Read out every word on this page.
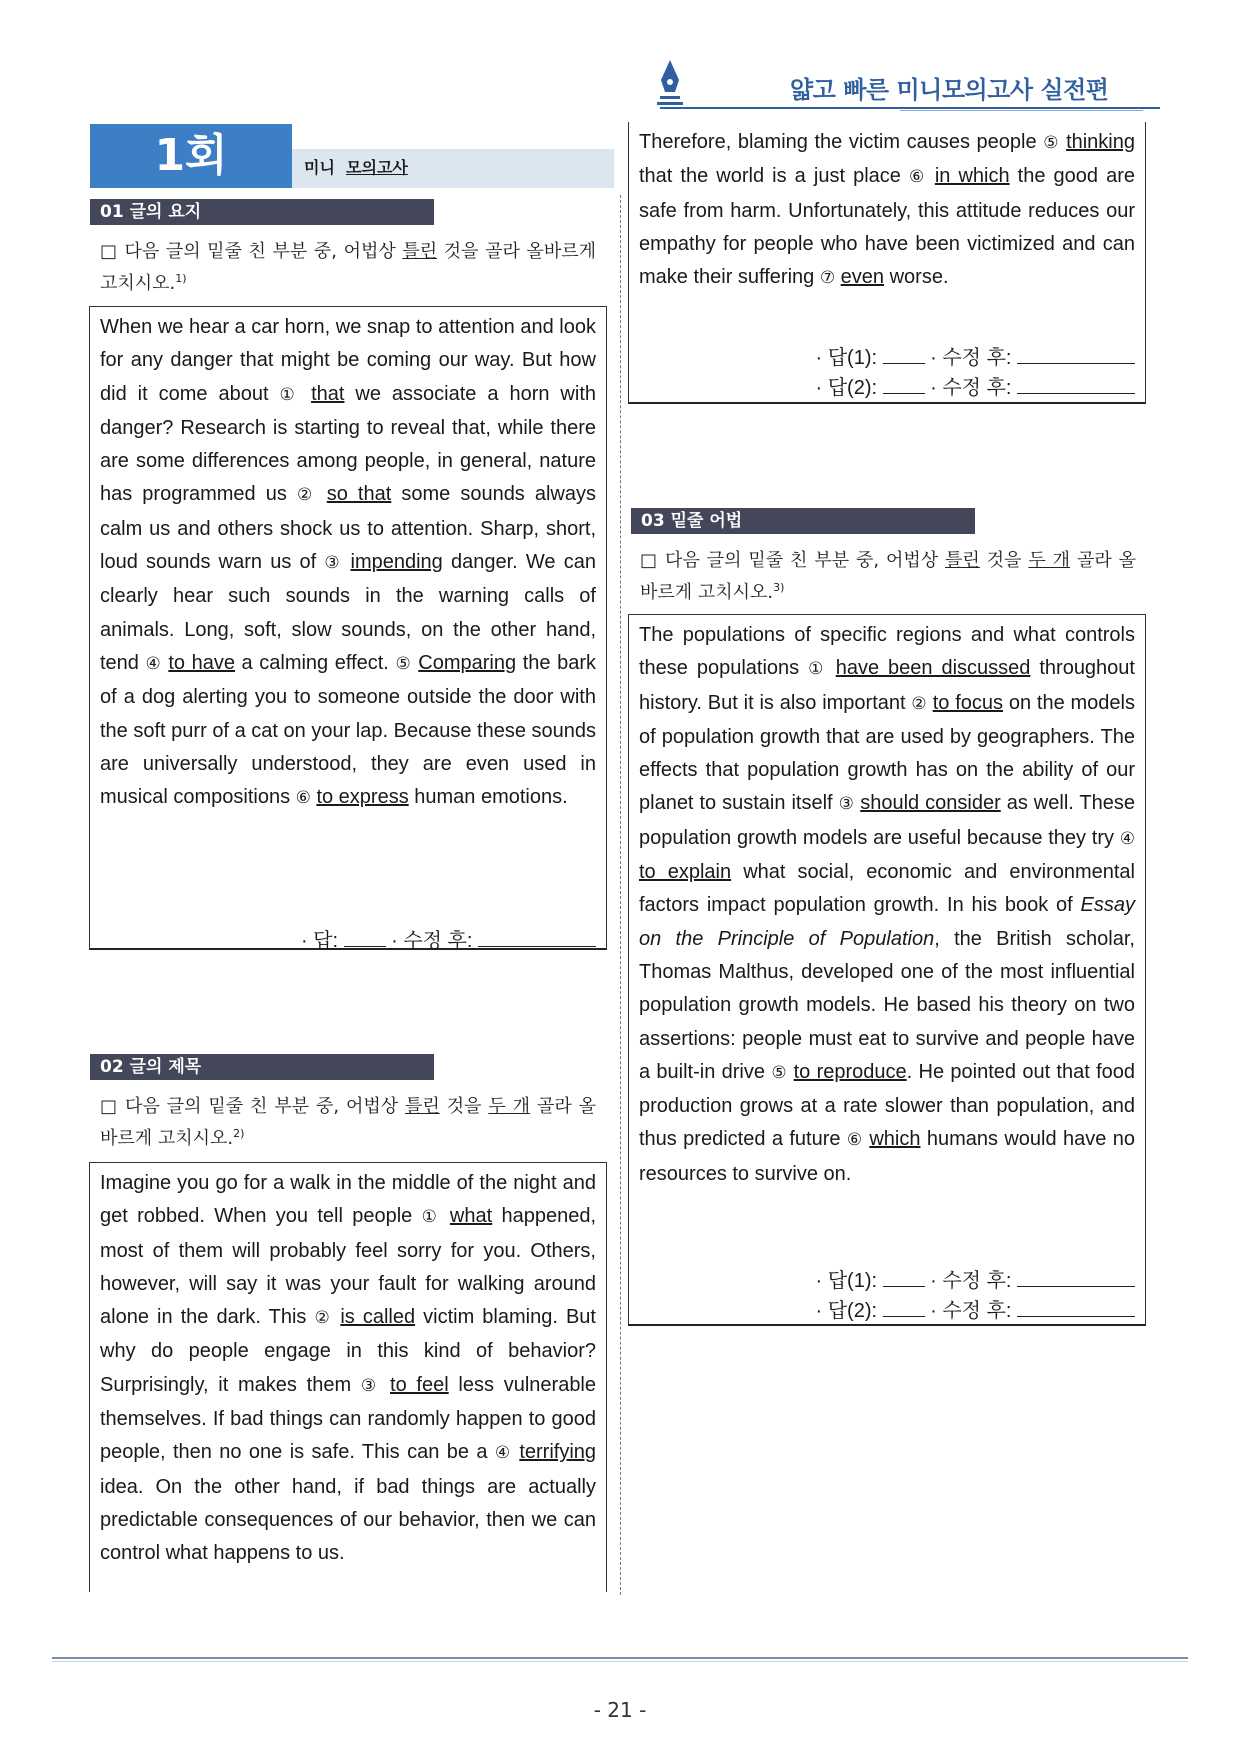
얇고 빠른 미니모의고사 실전편
1회	미니 모의고사
01 글의 요지
□ 다음 글의 밑줄 친 부분 중, 어법상 틀린 것을 골라 올바르게 고치시오.$^{1)}$
When we hear a car horn, we snap to attention and look for any danger that might be coming our way. But how did it come about ① that we associate a horn with danger? Research is starting to reveal that, while there are some differences among people, in general, nature has programmed us ② so that some sounds always calm us and others shock us to attention. Sharp, short, loud sounds warn us of ③ impending danger. We can clearly hear such sounds in the warning calls of animals. Long, soft, slow sounds, on the other hand, tend ④ to have a calming effect. ⑤ Comparing the bark of a dog alerting you to someone outside the door with the soft purr of a cat on your lap. Because these sounds are universally understood, they are even used in musical compositions ⑥ to express human emotions.
· 답:  · 수정 후:
02 글의 제목
□ 다음 글의 밑줄 친 부분 중, 어법상 틀린 것을 두 개 골라 올바르게 고치시오.$^{2)}$
Imagine you go for a walk in the middle of the night and get robbed. When you tell people ① what happened, most of them will probably feel sorry for you. Others, however, will say it was your fault for walking around alone in the dark. This ② is called victim blaming. But why do people engage in this kind of behavior? Surprisingly, it makes them ③ to feel less vulnerable themselves. If bad things can randomly happen to good people, then no one is safe. This can be a ④ terrifying idea. On the other hand, if bad things are actually predictable consequences of our behavior, then we can control what happens to us.
Therefore, blaming the victim causes people ⑤ thinking that the world is a just place ⑥ in which the good are safe from harm. Unfortunately, this attitude reduces our empathy for people who have been victimized and can make their suffering ⑦ even worse.
· 답(1):  · 수정 후:
· 답(2):  · 수정 후:
03 밑줄 어법
□ 다음 글의 밑줄 친 부분 중, 어법상 틀린 것을 두 개 골라 올바르게 고치시오.$^{3)}$
The populations of specific regions and what controls these populations ① have been discussed throughout history. But it is also important ② to focus on the models of population growth that are used by geographers. The effects that population growth has on the ability of our planet to sustain itself ③ should consider as well. These population growth models are useful because they try ④ to explain what social, economic and environmental factors impact population growth. In his book of Essay on the Principle of Population, the British scholar, Thomas Malthus, developed one of the most influential population growth models. He based his theory on two assertions: people must eat to survive and people have a built-in drive ⑤ to reproduce. He pointed out that food production grows at a rate slower than population, and thus predicted a future ⑥ which humans would have no resources to survive on.
· 답(1):  · 수정 후:
· 답(2):  · 수정 후:
- 21 -
